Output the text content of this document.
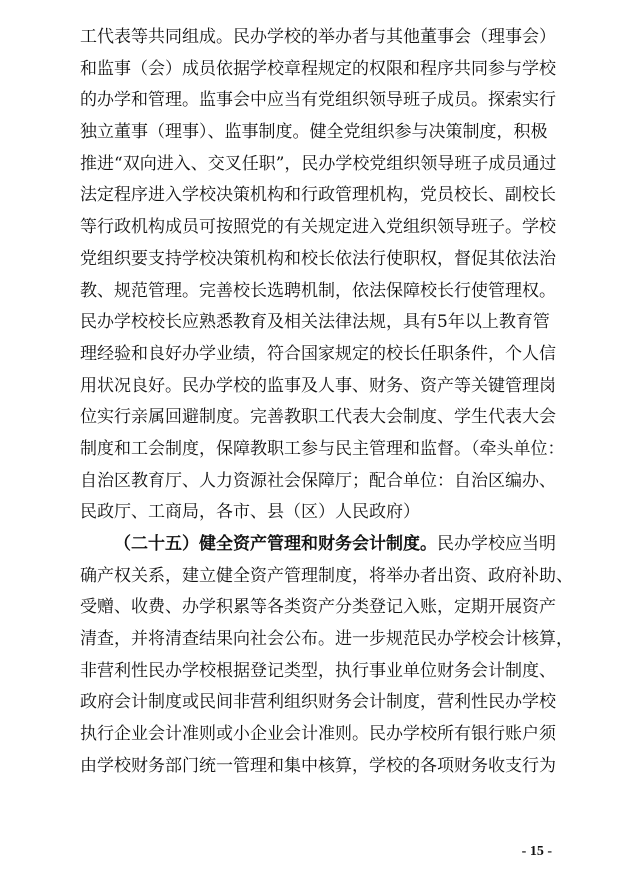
工代表等共同组成。民办学校的举办者与其他董事会（理事会）
和监事（会）成员依据学校章程规定的权限和程序共同参与学校
的办学和管理。监事会中应当有党组织领导班子成员。探索实行
独立董事（理事）、监事制度。健全党组织参与决策制度，积极
推进“双向进入、交叉任职”，民办学校党组织领导班子成员通过
法定程序进入学校决策机构和行政管理机构，党员校长、副校长
等行政机构成员可按照党的有关规定进入党组织领导班子。学校
党组织要支持学校决策机构和校长依法行使职权，督促其依法治
教、规范管理。完善校长选聘机制，依法保障校长行使管理权。
民办学校校长应熟悉教育及相关法律法规，具有5年以上教育管
理经验和良好办学业绩，符合国家规定的校长任职条件，个人信
用状况良好。民办学校的监事及人事、财务、资产等关键管理岗
位实行亲属回避制度。完善教职工代表大会制度、学生代表大会
制度和工会制度，保障教职工参与民主管理和监督。（牵头单位：
自治区教育厅、人力资源社会保障厅；配合单位：自治区编办、
民政厅、工商局，各市、县（区）人民政府）
（二十五）健全资产管理和财务会计制度。民办学校应当明
确产权关系，建立健全资产管理制度，将举办者出资、政府补助、
受赠、收费、办学积累等各类资产分类登记入账，定期开展资产
清查，并将清查结果向社会公布。进一步规范民办学校会计核算，
非营利性民办学校根据登记类型，执行事业单位财务会计制度、
政府会计制度或民间非营利组织财务会计制度，营利性民办学校
执行企业会计准则或小企业会计准则。民办学校所有银行账户须
由学校财务部门统一管理和集中核算，学校的各项财务收支行为
- 15 -
